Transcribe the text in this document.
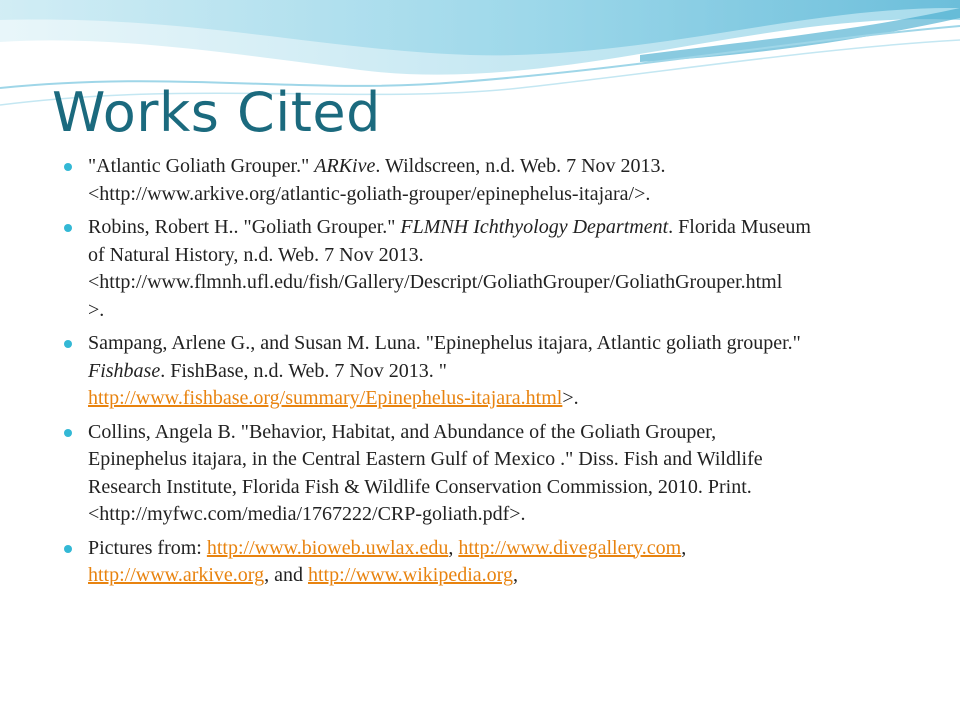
Works Cited
"Atlantic Goliath Grouper." ARKive. Wildscreen, n.d. Web. 7 Nov 2013.
<http://www.arkive.org/atlantic-goliath-grouper/epinephelus-itajara/>.
Robins, Robert H.. "Goliath Grouper." FLMNH Ichthyology Department. Florida Museum
of Natural History, n.d. Web. 7 Nov 2013.
<http://www.flmnh.ufl.edu/fish/Gallery/Descript/GoliathGrouper/GoliathGrouper.html
>.
Sampang, Arlene G., and Susan M. Luna. "Epinephelus itajara, Atlantic goliath grouper."
Fishbase. FishBase, n.d. Web. 7 Nov 2013. "
http://www.fishbase.org/summary/Epinephelus-itajara.html>.
Collins, Angela B. "Behavior, Habitat, and Abundance of the Goliath Grouper,
Epinephelus itajara, in the Central Eastern Gulf of Mexico ." Diss. Fish and Wildlife
Research Institute, Florida Fish & Wildlife Conservation Commission, 2010. Print.
<http://myfwc.com/media/1767222/CRP-goliath.pdf>.
Pictures from: http://www.bioweb.uwlax.edu, http://www.divegallery.com,
http://www.arkive.org, and http://www.wikipedia.org,
